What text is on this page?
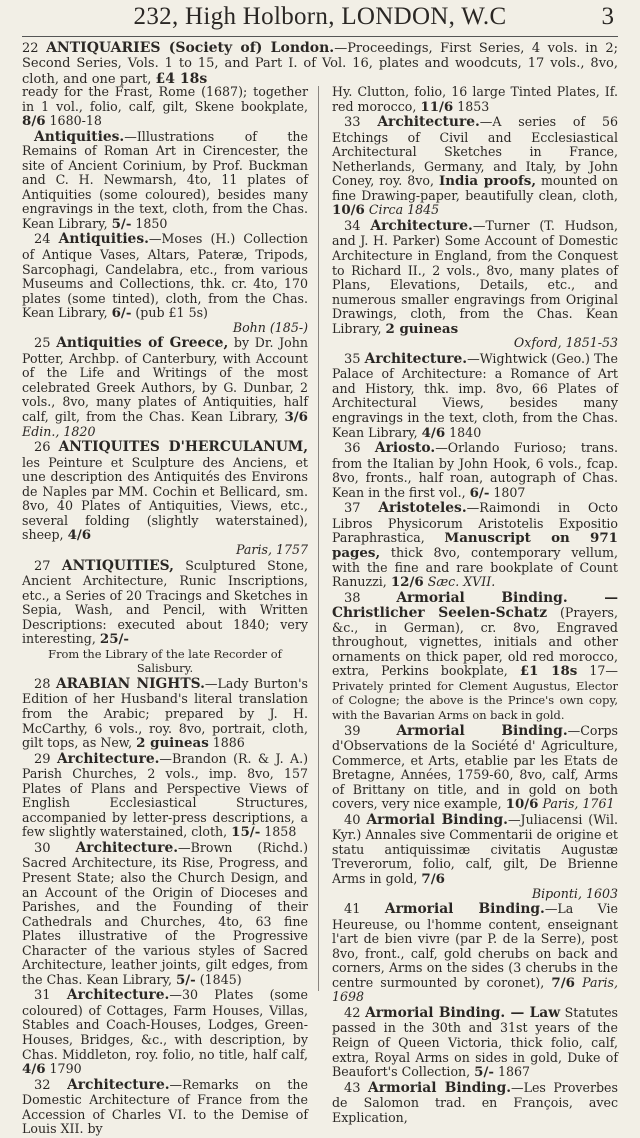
232, High Holborn, LONDON, W.C	3
22 ANTIQUARIES (Society of) London.—Proceedings, First Series, 4 vols. in 2; Second Series, Vols. 1 to 15, and Part I. of Vol. 16, plates and woodcuts, 17 vols., 8vo, cloth, and one part, £4 18s

ready for the Frast, Rome (1687); together in 1 vol., folio, calf, gilt, Skene bookplate, 8/6 1680-18

Antiquities.—Illustrations of the Remains of Roman Art in Cirencester, the site of Ancient Corinium, by Prof. Buckman and C. H. Newmarsh, 4to, 11 plates of Antiquities (some coloured), besides many engravings in the text, cloth, from the Chas. Kean Library, 5/- 1850

24 Antiquities.—Moses (H.) Collection of Antique Vases, Altars, Pateræ, Tripods, Sarcophagi, Candelabra, etc., from various Museums and Collections, thk. cr. 4to, 170 plates (some tinted), cloth, from the Chas. Kean Library, 6/- (pub £1 5s)
Bohn (185-)

25 Antiquities of Greece, by Dr. John Potter, Archbp. of Canterbury, with Account of the Life and Writings of the most celebrated Greek Authors, by G. Dunbar, 2 vols., 8vo, many plates of Antiquities, half calf, gilt, from the Chas. Kean Library, 3/6 Edin., 1820

26 ANTIQUITES D'HERCULANUM, les Peinture et Sculpture des Anciens, et une description des Antiquités des Environs de Naples par MM. Cochin et Bellicard, sm. 8vo, 40 Plates of Antiquities, Views, etc., several folding (slightly waterstained), sheep, 4/6
Paris, 1757

27 ANTIQUITIES, Sculptured Stone, Ancient Architecture, Runic Inscriptions, etc., a Series of 20 Tracings and Sketches in Sepia, Wash, and Pencil, with Written Descriptions: executed about 1840; very interesting, 25/-
From the Library of the late Recorder of Salisbury.

28 ARABIAN NIGHTS.—Lady Burton's Edition of her Husband's literal translation from the Arabic; prepared by J. H. McCarthy, 6 vols., roy. 8vo, portrait, cloth, gilt tops, as New, 2 guineas 1886

29 Architecture.—Brandon (R. & J. A.) Parish Churches, 2 vols., imp. 8vo, 157 Plates of Plans and Perspective Views of English Ecclesiastical Structures, accompanied by letter-press descriptions, a few slightly waterstained, cloth, 15/- 1858

30 Architecture.—Brown (Richd.) Sacred Architecture, its Rise, Progress, and Present State; also the Church Design, and an Account of the Origin of Dioceses and Parishes, and the Founding of their Cathedrals and Churches, 4to, 63 fine Plates illustrative of the Progressive Character of the various styles of Sacred Architecture, leather joints, gilt edges, from the Chas. Kean Library, 5/- (1845)

31 Architecture.—30 Plates (some coloured) of Cottages, Farm Houses, Villas, Stables and Coach-Houses, Lodges, Green-Houses, Bridges, &c., with description, by Chas. Middleton, roy. folio, no title, half calf, 4/6 1790

32 Architecture.—Remarks on the Domestic Architecture of France from the Accession of Charles VI. to the Demise of Louis XII. by

Hy. Clutton, folio, 16 large Tinted Plates, If. red morocco, 11/6 1853

33 Architecture.—A series of 56 Etchings of Civil and Ecclesiastical Architectural Sketches in France, Netherlands, Germany, and Italy, by John Coney, roy. 8vo, India proofs, mounted on fine Drawing-paper, beautifully clean, cloth, 10/6 Circa 1845

34 Architecture.—Turner (T. Hudson, and J. H. Parker) Some Account of Domestic Architecture in England, from the Conquest to Richard II., 2 vols., 8vo, many plates of Plans, Elevations, Details, etc., and numerous smaller engravings from Original Drawings, cloth, from the Chas. Kean Library, 2 guineas
Oxford, 1851-53

35 Architecture.—Wightwick (Geo.) The Palace of Architecture: a Romance of Art and History, thk. imp. 8vo, 66 Plates of Architectural Views, besides many engravings in the text, cloth, from the Chas. Kean Library, 4/6 1840

36 Ariosto.—Orlando Furioso; trans. from the Italian by John Hook, 6 vols., fcap. 8vo, fronts., half roan, autograph of Chas. Kean in the first vol., 6/- 1807

37 Aristoteles.—Raimondi in Octo Libros Physicorum Aristotelis Expositio Paraphrastica, Manuscript on 971 pages, thick 8vo, contemporary vellum, with the fine and rare bookplate of Count Ranuzzi, 12/6 Sæc. XVII.

38	Armorial Binding. — Christlicher Seelen-Schatz (Prayers, &c., in German), cr. 8vo, Engraved throughout, vignettes, initials and other ornaments on thick paper, old red morocco, extra, Perkins bookplate, £1 18s 17— Privately printed for Clement Augustus, Elector of Cologne; the above is the Prince's own copy, with the Bavarian Arms on back in gold.

39	Armorial Binding.—Corps d'Observations de la Société d' Agriculture, Commerce, et Arts, etablie par les Etats de Bretagne, Années, 1759-60, 8vo, calf, Arms of Brittany on title, and in gold on both covers, very nice example, 10/6 Paris, 1761

40 Armorial Binding.—Juliacensi (Wil. Kyr.) Annales sive Commentarii de origine et statu antiquissimæ civitatis Augustæ Treverorum, folio, calf, gilt, De Brienne Arms in gold, 7/6
Biponti, 1603

41 Armorial Binding.—La Vie Heureuse, ou l'homme content, enseignant l'art de bien vivre (par P. de la Serre), post 8vo, front., calf, gold cherubs on back and corners, Arms on the sides (3 cherubs in the centre surmounted by coronet), 7/6 Paris, 1698

42 Armorial Binding. — Law Statutes passed in the 30th and 31st years of the Reign of Queen Victoria, thick folio, calf, extra, Royal Arms on sides in gold, Duke of Beaufort's Collection, 5/- 1867

43 Armorial Binding.—Les Proverbes de Salomon trad. en François, avec Explication,
